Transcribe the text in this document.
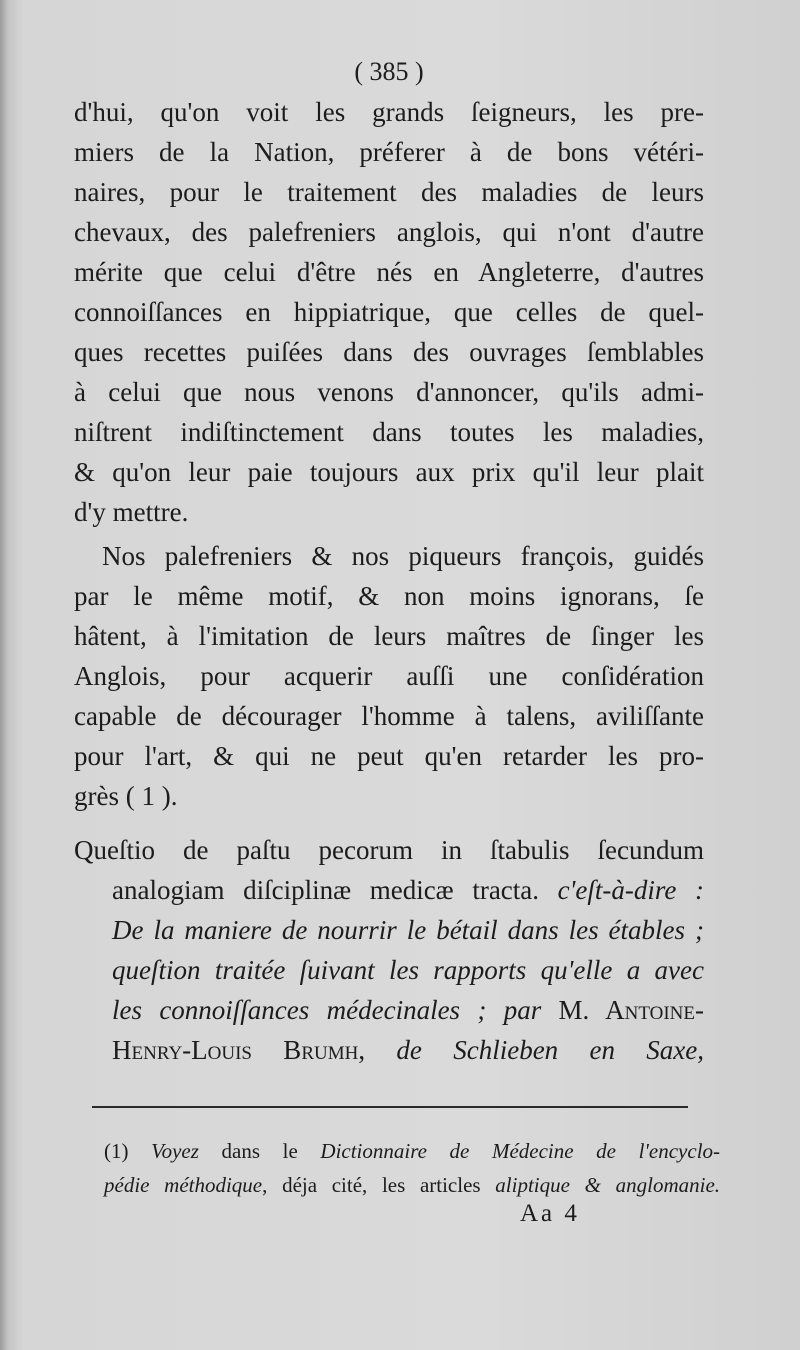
( 385 )

d'hui, qu'on voit les grands ſeigneurs, les pre-
miers de la Nation, préferer à de bons vétéri-
naires, pour le traitement des maladies de leurs
chevaux, des palefreniers anglois, qui n'ont d'autre
mérite que celui d'être nés en Angleterre, d'autres
connoiſſances en hippiatrique, que celles de quel-
ques recettes puiſées dans des ouvrages ſemblables
à celui que nous venons d'annoncer, qu'ils admi-
niſtrent indiſtinctement dans toutes les maladies,
& qu'on leur paie toujours aux prix qu'il leur plait
d'y mettre.
Nos palefreniers & nos piqueurs françois, guidés
par le même motif, & non moins ignorans, ſe
hâtent, à l'imitation de leurs maîtres de ſinger les
Anglois, pour acquerir auſſi une conſidération
capable de décourager l'homme à talens, aviliſſante
pour l'art, & qui ne peut qu'en retarder les pro-
grès ( 1 ).
Queſtio de paſtu pecorum in ſtabulis ſecundum
analogiam diſciplinæ medicæ tracta. c'eſt-à-dire :
De la maniere de nourrir le bétail dans les étables ;
queſtion traitée ſuivant les rapports qu'elle a avec
les connoiſſances médecinales ; par M. Antoine-
Henry-Louis Brumh, de Schlieben en Saxe,
(1) Voyez dans le Dictionnaire de Médecine de l'encyclo-
pédie méthodique, déja cité, les articles aliptique & anglomanie.
Aa 4
